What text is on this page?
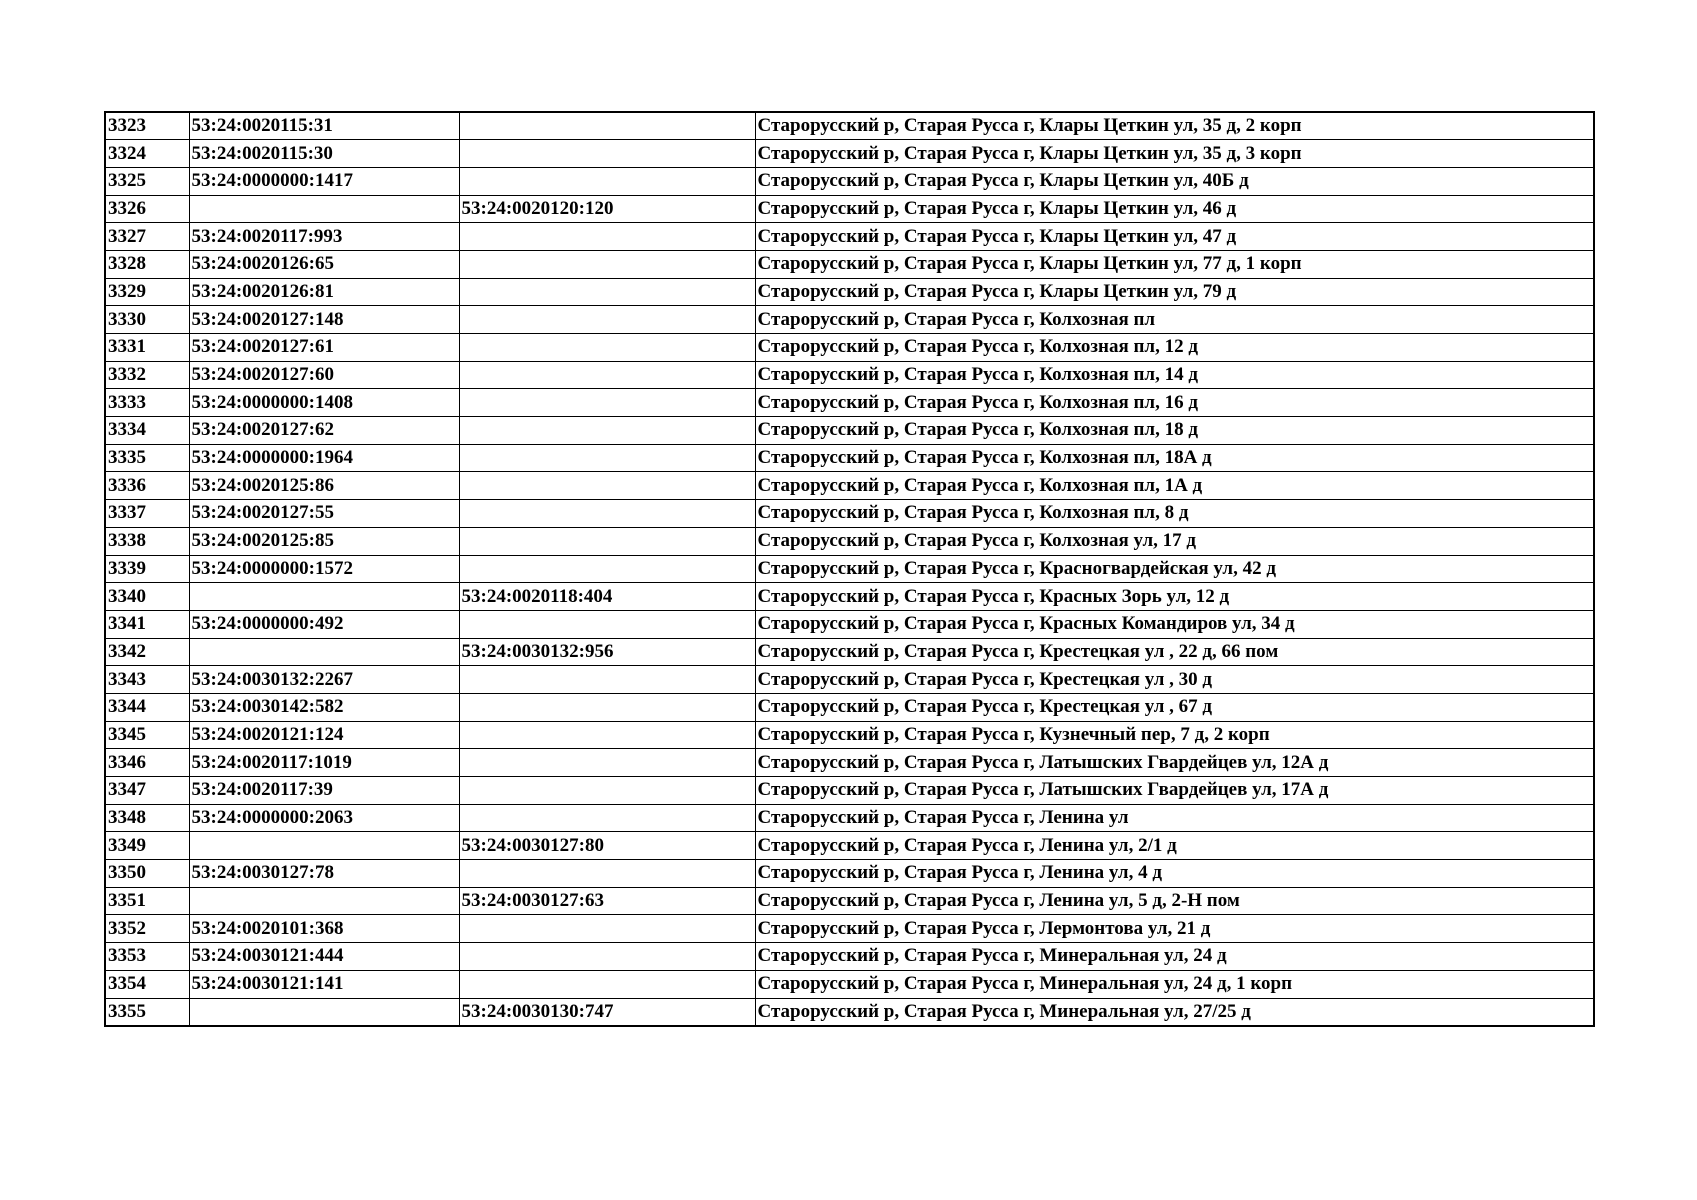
3323	53:24:0020115:31		Старорусский р, Старая Русса г, Клары Цеткин ул, 35 д, 2 корп
3324	53:24:0020115:30		Старорусский р, Старая Русса г, Клары Цеткин ул, 35 д, 3 корп
3325	53:24:0000000:1417		Старорусский р, Старая Русса г, Клары Цеткин ул, 40Б д
3326		53:24:0020120:120	Старорусский р, Старая Русса г, Клары Цеткин ул, 46 д
3327	53:24:0020117:993		Старорусский р, Старая Русса г, Клары Цеткин ул, 47 д
3328	53:24:0020126:65		Старорусский р, Старая Русса г, Клары Цеткин ул, 77 д, 1 корп
3329	53:24:0020126:81		Старорусский р, Старая Русса г, Клары Цеткин ул, 79 д
3330	53:24:0020127:148		Старорусский р, Старая Русса г, Колхозная пл
3331	53:24:0020127:61		Старорусский р, Старая Русса г, Колхозная пл, 12 д
3332	53:24:0020127:60		Старорусский р, Старая Русса г, Колхозная пл, 14 д
3333	53:24:0000000:1408		Старорусский р, Старая Русса г, Колхозная пл, 16 д
3334	53:24:0020127:62		Старорусский р, Старая Русса г, Колхозная пл, 18 д
3335	53:24:0000000:1964		Старорусский р, Старая Русса г, Колхозная пл, 18А д
3336	53:24:0020125:86		Старорусский р, Старая Русса г, Колхозная пл, 1А д
3337	53:24:0020127:55		Старорусский р, Старая Русса г, Колхозная пл, 8 д
3338	53:24:0020125:85		Старорусский р, Старая Русса г, Колхозная ул, 17 д
3339	53:24:0000000:1572		Старорусский р, Старая Русса г, Красногвардейская ул, 42 д
3340		53:24:0020118:404	Старорусский р, Старая Русса г, Красных Зорь ул, 12 д
3341	53:24:0000000:492		Старорусский р, Старая Русса г, Красных Командиров ул, 34 д
3342		53:24:0030132:956	Старорусский р, Старая Русса г, Крестецкая ул , 22 д, 66 пом
3343	53:24:0030132:2267		Старорусский р, Старая Русса г, Крестецкая ул , 30 д
3344	53:24:0030142:582		Старорусский р, Старая Русса г, Крестецкая ул , 67 д
3345	53:24:0020121:124		Старорусский р, Старая Русса г, Кузнечный пер, 7 д, 2 корп
3346	53:24:0020117:1019		Старорусский р, Старая Русса г, Латышских Гвардейцев ул, 12А д
3347	53:24:0020117:39		Старорусский р, Старая Русса г, Латышских Гвардейцев ул, 17А д
3348	53:24:0000000:2063		Старорусский р, Старая Русса г, Ленина ул
3349		53:24:0030127:80	Старорусский р, Старая Русса г, Ленина ул, 2/1 д
3350	53:24:0030127:78		Старорусский р, Старая Русса г, Ленина ул, 4 д
3351		53:24:0030127:63	Старорусский р, Старая Русса г, Ленина ул, 5 д, 2-Н пом
3352	53:24:0020101:368		Старорусский р, Старая Русса г, Лермонтова ул, 21 д
3353	53:24:0030121:444		Старорусский р, Старая Русса г, Минеральная ул, 24 д
3354	53:24:0030121:141		Старорусский р, Старая Русса г, Минеральная ул, 24 д, 1 корп
3355		53:24:0030130:747	Старорусский р, Старая Русса г, Минеральная ул, 27/25 д
